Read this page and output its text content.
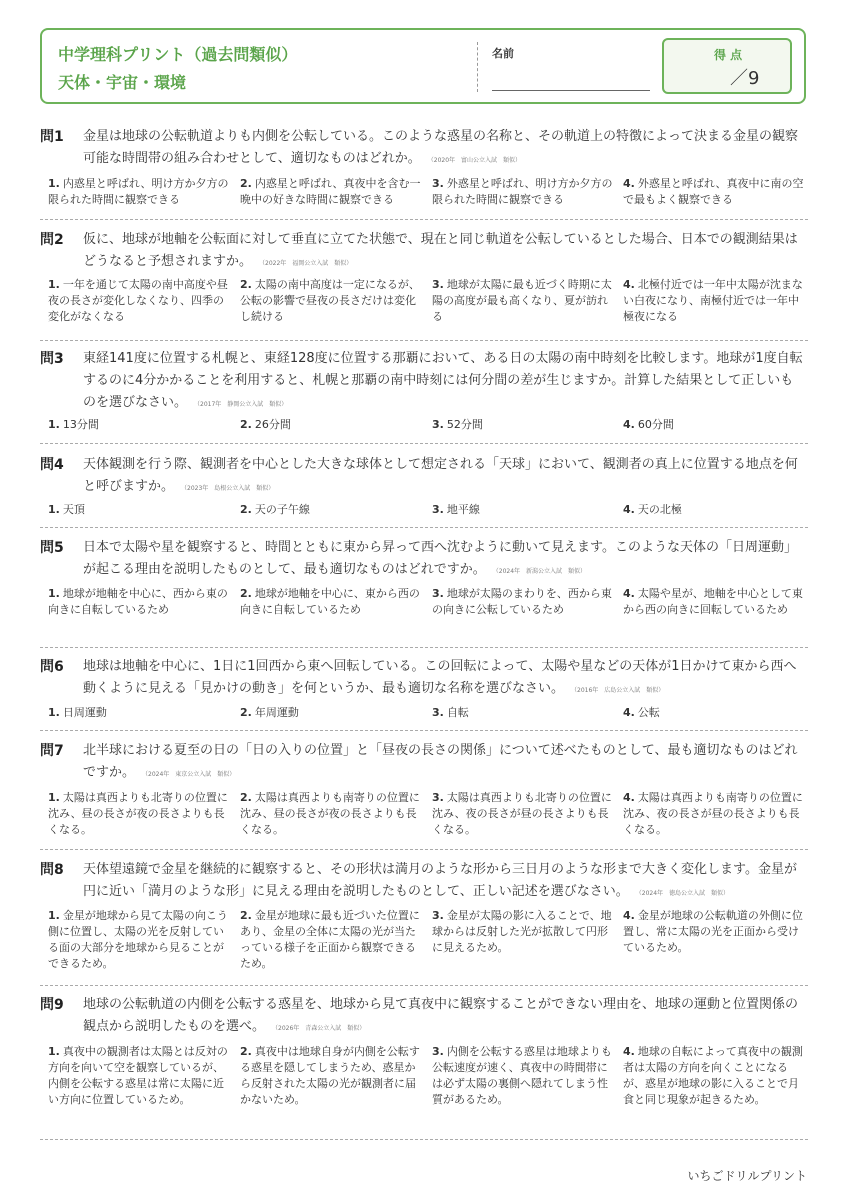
中学理科プリント（過去問類似）
天体・宇宙・環境
名前	得 点
／9
問1 金星は地球の公転軌道よりも内側を公転している。このような惑星の名称と、その軌道上の特徴によって決まる金星の観察可能な時間帯の組み合わせとして、適切なものはどれか。 （2020年　富山公立入試　類似）
1. 内惑星と呼ばれ、明け方か夕方の限られた時間に観察できる
2. 内惑星と呼ばれ、真夜中を含む一晩中の好きな時間に観察できる
3. 外惑星と呼ばれ、明け方か夕方の限られた時間に観察できる
4. 外惑星と呼ばれ、真夜中に南の空で最もよく観察できる
問2 仮に、地球が地軸を公転面に対して垂直に立てた状態で、現在と同じ軌道を公転しているとした場合、日本での観測結果はどうなると予想されますか。 （2022年　福岡公立入試　類似）
1. 一年を通じて太陽の南中高度や昼夜の長さが変化しなくなり、四季の変化がなくなる
2. 太陽の南中高度は一定になるが、公転の影響で昼夜の長さだけは変化し続ける
3. 地球が太陽に最も近づく時期に太陽の高度が最も高くなり、夏が訪れる
4. 北極付近では一年中太陽が沈まない白夜になり、南極付近では一年中極夜になる
問3 東経141度に位置する札幌と、東経128度に位置する那覇において、ある日の太陽の南中時刻を比較します。地球が1度自転するのに4分かかることを利用すると、札幌と那覇の南中時刻には何分間の差が生じますか。計算した結果として正しいものを選びなさい。 （2017年　静岡公立入試　類似）
1. 13分間	2. 26分間	3. 52分間	4. 60分間
問4 天体観測を行う際、観測者を中心とした大きな球体として想定される「天球」において、観測者の真上に位置する地点を何と呼びますか。 （2023年　島根公立入試　類似）
1. 天頂	2. 天の子午線	3. 地平線	4. 天の北極
問5 日本で太陽や星を観察すると、時間とともに東から昇って西へ沈むように動いて見えます。このような天体の「日周運動」が起こる理由を説明したものとして、最も適切なものはどれですか。 （2024年　新潟公立入試　類似）
1. 地球が地軸を中心に、西から東の向きに自転しているため
2. 地球が地軸を中心に、東から西の向きに自転しているため
3. 地球が太陽のまわりを、西から東の向きに公転しているため
4. 太陽や星が、地軸を中心として東から西の向きに回転しているため
問6 地球は地軸を中心に、1日に1回西から東へ回転している。この回転によって、太陽や星などの天体が1日かけて東から西へ動くように見える「見かけの動き」を何というか、最も適切な名称を選びなさい。 （2016年　広島公立入試　類似）
1. 日周運動	2. 年周運動	3. 自転	4. 公転
問7 北半球における夏至の日の「日の入りの位置」と「昼夜の長さの関係」について述べたものとして、最も適切なものはどれですか。 （2024年　東京公立入試　類似）
1. 太陽は真西よりも北寄りの位置に沈み、昼の長さが夜の長さよりも長くなる。
2. 太陽は真西よりも南寄りの位置に沈み、昼の長さが夜の長さよりも長くなる。
3. 太陽は真西よりも北寄りの位置に沈み、夜の長さが昼の長さよりも長くなる。
4. 太陽は真西よりも南寄りの位置に沈み、夜の長さが昼の長さよりも長くなる。
問8 天体望遠鏡で金星を継続的に観察すると、その形状は満月のような形から三日月のような形まで大きく変化します。金星が円に近い「満月のような形」に見える理由を説明したものとして、正しい記述を選びなさい。 （2024年　徳島公立入試　類似）
1. 金星が地球から見て太陽の向こう側に位置し、太陽の光を反射している面の大部分を地球から見ることができるため。
2. 金星が地球に最も近づいた位置にあり、金星の全体に太陽の光が当たっている様子を正面から観察できるため。
3. 金星が太陽の影に入ることで、地球からは反射した光が拡散して円形に見えるため。
4. 金星が地球の公転軌道の外側に位置し、常に太陽の光を正面から受けているため。
問9 地球の公転軌道の内側を公転する惑星を、地球から見て真夜中に観察することができない理由を、地球の運動と位置関係の観点から説明したものを選べ。 （2026年　青森公立入試　類似）
1. 真夜中の観測者は太陽とは反対の方向を向いて空を観察しているが、内側を公転する惑星は常に太陽に近い方向に位置しているため。
2. 真夜中は地球自身が内側を公転する惑星を隠してしまうため、惑星から反射された太陽の光が観測者に届かないため。
3. 内側を公転する惑星は地球よりも公転速度が速く、真夜中の時間帯には必ず太陽の裏側へ隠れてしまう性質があるため。
4. 地球の自転によって真夜中の観測者は太陽の方向を向くことになるが、惑星が地球の影に入ることで月食と同じ現象が起きるため。
いちごドリルプリント
